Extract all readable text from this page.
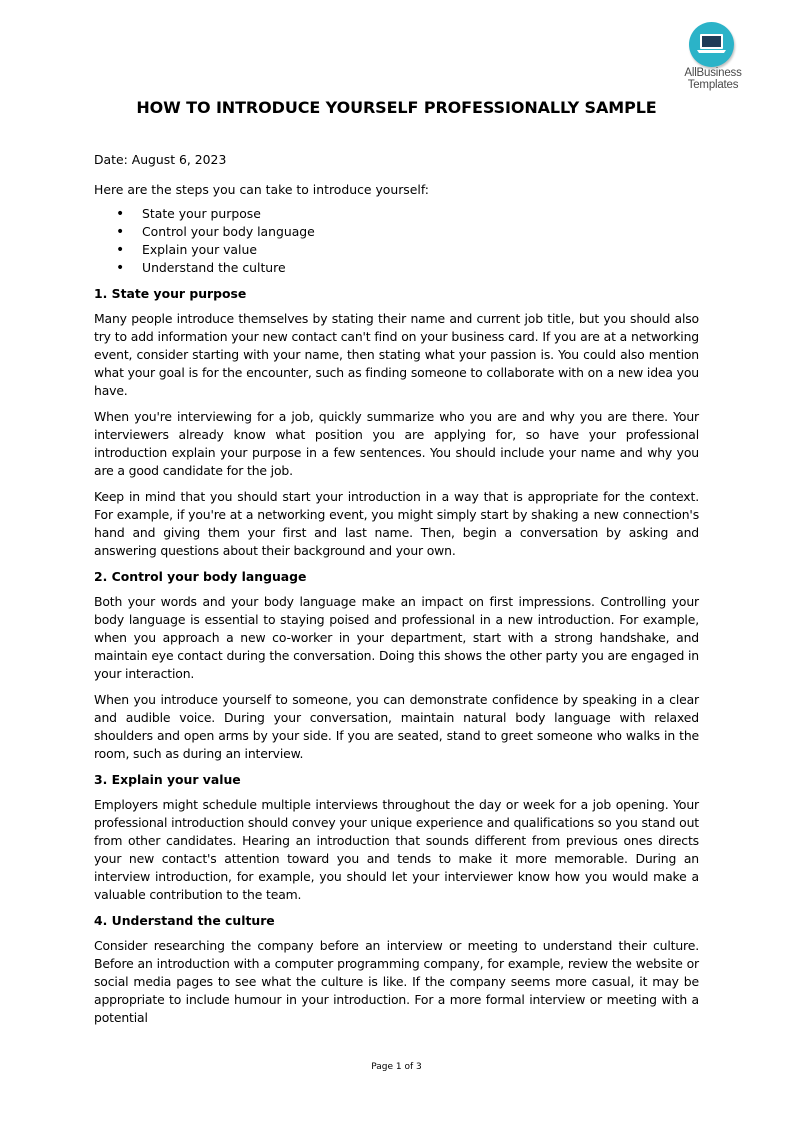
AllBusiness
Templates
HOW TO INTRODUCE YOURSELF PROFESSIONALLY SAMPLE

Date: August 6, 2023

Here are the steps you can take to introduce yourself:

• State your purpose
• Control your body language
• Explain your value
• Understand the culture

1. State your purpose

Many people introduce themselves by stating their name and current job title, but you should also try to add information your new contact can't find on your business card. If you are at a networking event, consider starting with your name, then stating what your passion is. You could also mention what your goal is for the encounter, such as finding someone to collaborate with on a new idea you have.

When you're interviewing for a job, quickly summarize who you are and why you are there. Your interviewers already know what position you are applying for, so have your professional introduction explain your purpose in a few sentences. You should include your name and why you are a good candidate for the job.

Keep in mind that you should start your introduction in a way that is appropriate for the context. For example, if you're at a networking event, you might simply start by shaking a new connection's hand and giving them your first and last name. Then, begin a conversation by asking and answering questions about their background and your own.

2. Control your body language

Both your words and your body language make an impact on first impressions. Controlling your body language is essential to staying poised and professional in a new introduction. For example, when you approach a new co-worker in your department, start with a strong handshake, and maintain eye contact during the conversation. Doing this shows the other party you are engaged in your interaction.

When you introduce yourself to someone, you can demonstrate confidence by speaking in a clear and audible voice. During your conversation, maintain natural body language with relaxed shoulders and open arms by your side. If you are seated, stand to greet someone who walks in the room, such as during an interview.

3. Explain your value

Employers might schedule multiple interviews throughout the day or week for a job opening. Your professional introduction should convey your unique experience and qualifications so you stand out from other candidates. Hearing an introduction that sounds different from previous ones directs your new contact's attention toward you and tends to make it more memorable. During an interview introduction, for example, you should let your interviewer know how you would make a valuable contribution to the team.

4. Understand the culture

Consider researching the company before an interview or meeting to understand their culture. Before an introduction with a computer programming company, for example, review the website or social media pages to see what the culture is like. If the company seems more casual, it may be appropriate to include humour in your introduction. For a more formal interview or meeting with a potential

Page 1 of 3
